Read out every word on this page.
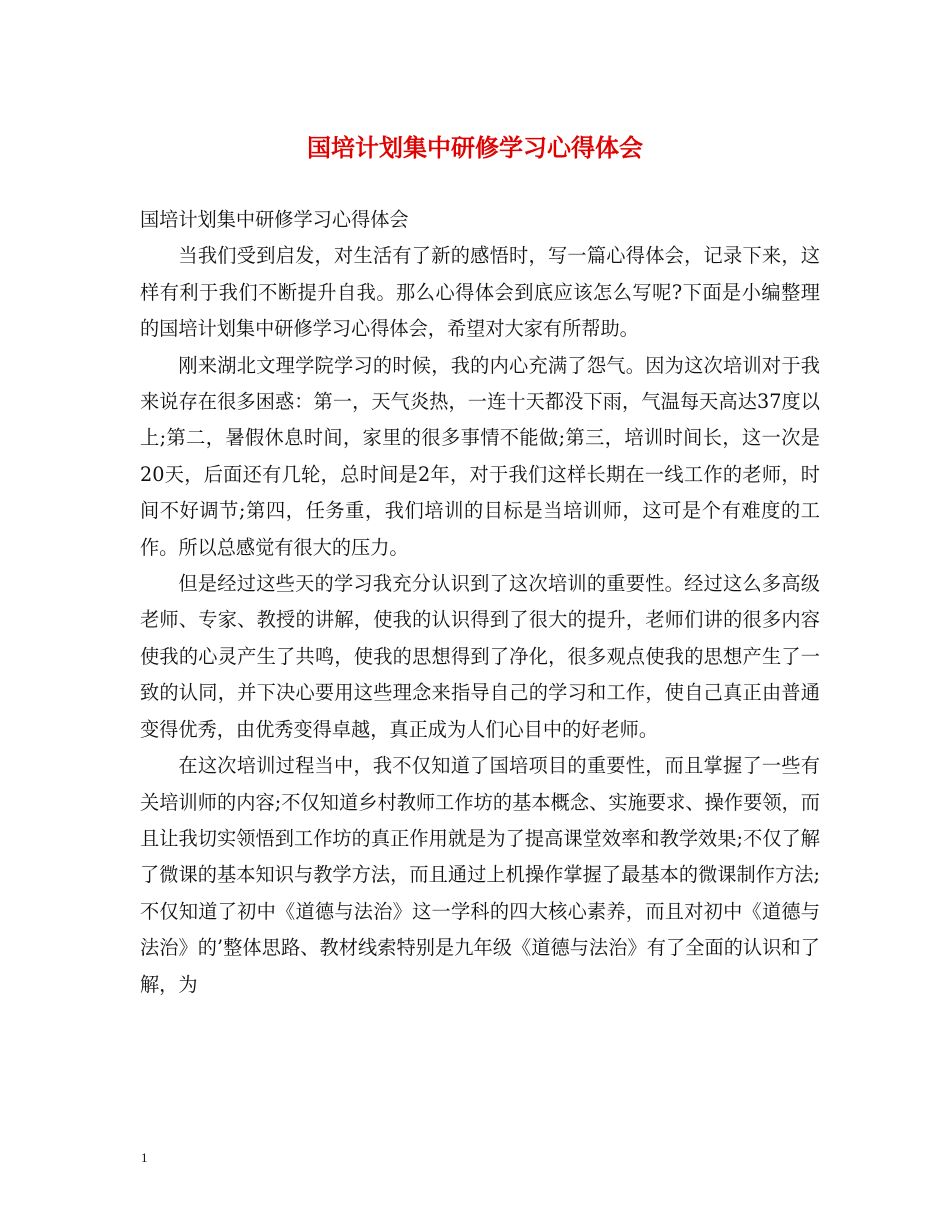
国培计划集中研修学习心得体会

国培计划集中研修学习心得体会

当我们受到启发，对生活有了新的感悟时，写一篇心得体会，记录下来，这样有利于我们不断提升自我。那么心得体会到底应该怎么写呢?下面是小编整理的国培计划集中研修学习心得体会，希望对大家有所帮助。

刚来湖北文理学院学习的时候，我的内心充满了怨气。因为这次培训对于我来说存在很多困惑：第一，天气炎热，一连十天都没下雨，气温每天高达37度以上;第二，暑假休息时间，家里的很多事情不能做;第三，培训时间长，这一次是20天，后面还有几轮，总时间是2年，对于我们这样长期在一线工作的老师，时间不好调节;第四，任务重，我们培训的目标是当培训师，这可是个有难度的工作。所以总感觉有很大的压力。

但是经过这些天的学习我充分认识到了这次培训的重要性。经过这么多高级老师、专家、教授的讲解，使我的认识得到了很大的提升，老师们讲的很多内容使我的心灵产生了共鸣，使我的思想得到了净化，很多观点使我的思想产生了一致的认同，并下决心要用这些理念来指导自己的学习和工作，使自己真正由普通变得优秀，由优秀变得卓越，真正成为人们心目中的好老师。

在这次培训过程当中，我不仅知道了国培项目的重要性，而且掌握了一些有关培训师的内容;不仅知道乡村教师工作坊的基本概念、实施要求、操作要领，而且让我切实领悟到工作坊的真正作用就是为了提高课堂效率和教学效果;不仅了解了微课的基本知识与教学方法，而且通过上机操作掌握了最基本的微课制作方法;不仅知道了初中《道德与法治》这一学科的四大核心素养，而且对初中《道德与法治》的’整体思路、教材线索特别是九年级《道德与法治》有了全面的认识和了解，为

1
